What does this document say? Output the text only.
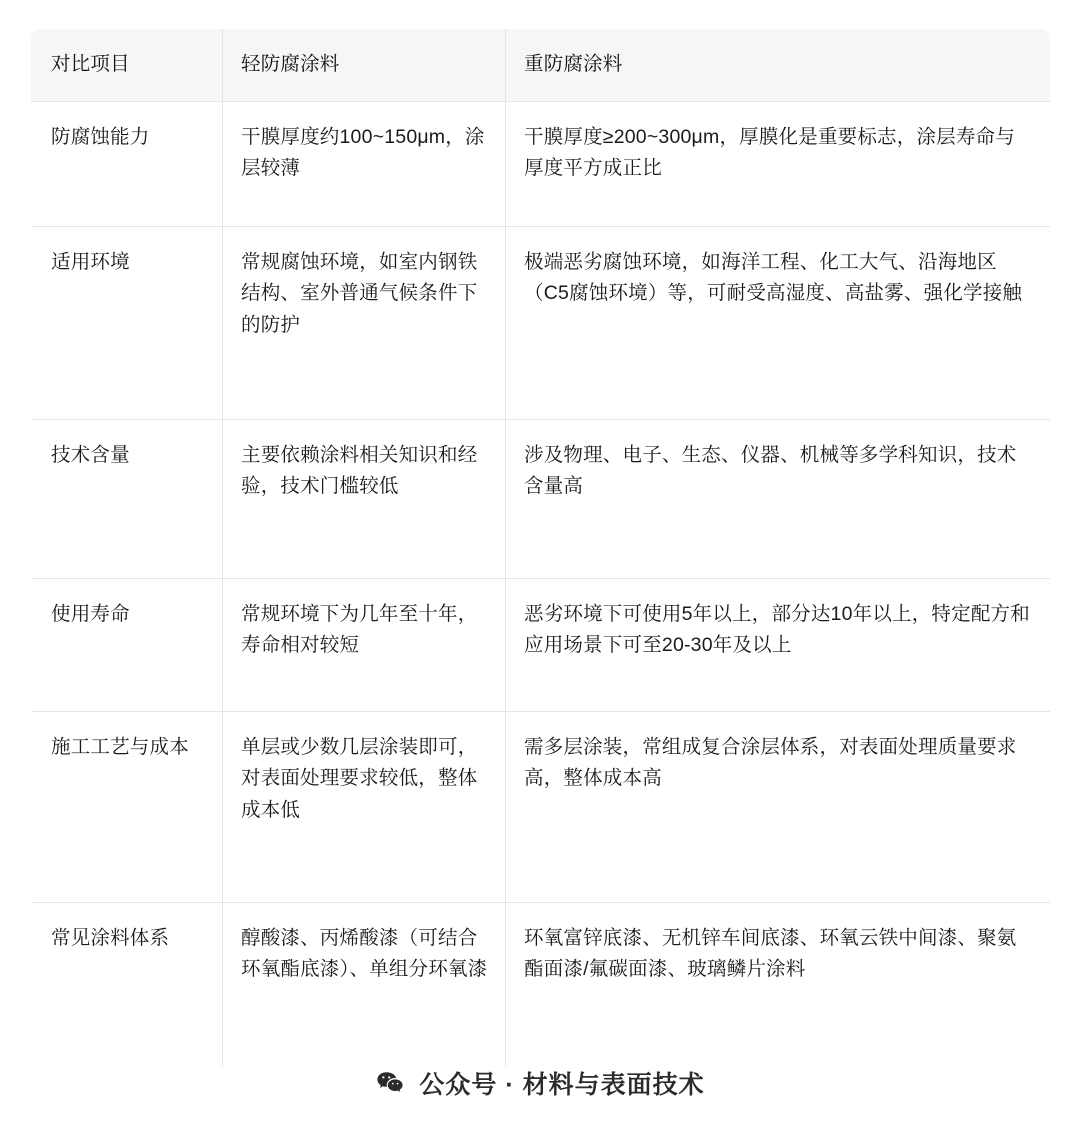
对比项目	轻防腐涂料	重防腐涂料
防腐蚀能力	干膜厚度约100~150μm，涂层较薄	干膜厚度≥200~300μm，厚膜化是重要标志，涂层寿命与厚度平方成正比
适用环境	常规腐蚀环境，如室内钢铁结构、室外普通气候条件下的防护	极端恶劣腐蚀环境，如海洋工程、化工大气、沿海地区（C5腐蚀环境）等，可耐受高湿度、高盐雾、强化学接触
技术含量	主要依赖涂料相关知识和经验，技术门槛较低	涉及物理、电子、生态、仪器、机械等多学科知识，技术含量高
使用寿命	常规环境下为几年至十年，寿命相对较短	恶劣环境下可使用5年以上，部分达10年以上，特定配方和应用场景下可至20-30年及以上
施工工艺与成本	单层或少数几层涂装即可，对表面处理要求较低，整体成本低	需多层涂装，常组成复合涂层体系，对表面处理质量要求高，整体成本高
常见涂料体系	醇酸漆、丙烯酸漆（可结合环氧酯底漆）、单组分环氧漆	环氧富锌底漆、无机锌车间底漆、环氧云铁中间漆、聚氨酯面漆/氟碳面漆、玻璃鳞片涂料
公众号 · 材料与表面技术
